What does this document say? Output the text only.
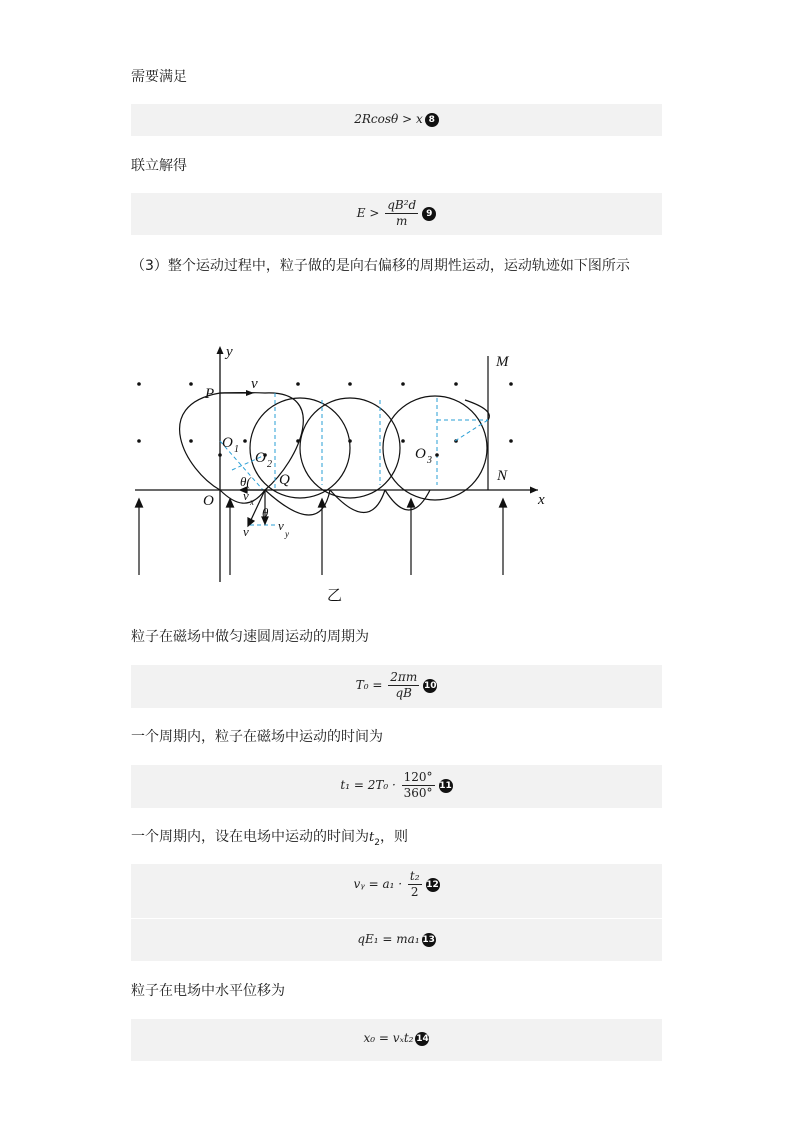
需要满足
2Rcosθ > x 8
联立解得
$E > \frac{\text{qB²d}}{m} 9$
（3）整个运动过程中，粒子做的是向右偏移的周期性运动，运动轨迹如下图所示
y
x
P
v
M
N
O 1
O 2
O 3
O
Q
θ(
v x
θ
v v
y
乙
粒子在磁场中做匀速圆周运动的周期为
$T_0 = \frac{2\pi m}{qB} 10$
一个周期内，粒子在磁场中运动的时间为
$t_1 = 2T_0 \cdot \frac{120^\circ}{360^\circ} 11$
一个周期内，设在电场中运动的时间为$t_2$，则
vᵧ = $a_1 \cdot \frac{\text{t₂}}{2} 12$
qE₁ = ma₁ 13
粒子在电场中水平位移为
x₀ = vₓt₂ 14
